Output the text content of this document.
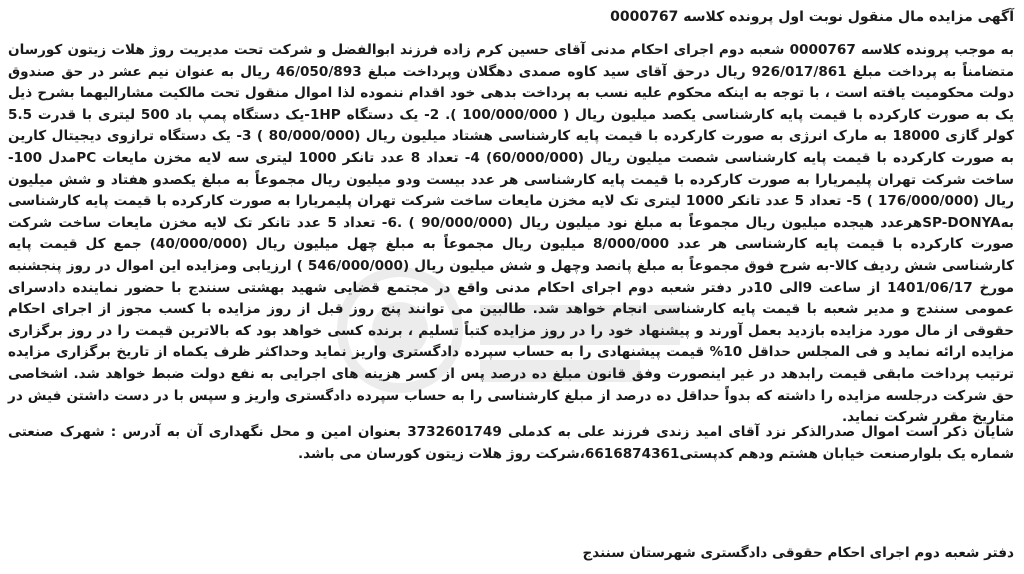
آگهی مزایده مال منقول نوبت اول پرونده کلاسه 0000767

به موجب پرونده کلاسه 0000767 شعبه دوم اجرای احکام مدنی آقای حسین کرم زاده فرزند ابوالفضل و شرکت تحت مدیریت روژ هلات زیتون کورسان متضامناً به پرداخت مبلغ 926/017/861 ریال درحق آقای سید کاوه صمدی دهگلان وپرداخت مبلغ 46/050/893 ریال به عنوان نیم عشر در حق صندوق دولت محکومیت یافته است ، با توجه به اینکه محکوم علیه نسب به پرداخت بدهی خود اقدام ننموده لذا اموال منقول تحت مالکیت مشارالیهما بشرح ذیل یک به صورت کارکرده با قیمت پایه کارشناسی یکصد میلیون ریال ( 100/000/000 ). 2- یک دستگاه 1HP-یک دستگاه پمپ باد 500 لیتری با قدرت 5.5 کولر گازی 18000 به مارک انرژی به صورت کارکرده با قیمت پایه کارشناسی هشتاد میلیون ریال (80/000/000 ) 3- یک دستگاه ترازوی دیجیتال کارین به صورت کارکرده با قیمت پایه کارشناسی شصت میلیون ریال (60/000/000) 4- تعداد 8 عدد تانکر 1000 لیتری سه لایه مخزن مایعات PCمدل 100-ساخت شرکت تهران پلیمریارا به صورت کارکرده با قیمت پایه کارشناسی هر عدد بیست ودو میلیون ریال مجموعاً به مبلغ یکصدو هفتاد و شش میلیون ریال (176/000/000 ) 5- تعداد 5 عدد تانکر 1000 لیتری تک لایه مخزن مایعات ساخت شرکت تهران پلیمریارا به صورت کارکرده با قیمت پایه کارشناسی بهSP-DONYAهرعدد هیجده میلیون ریال مجموعاً به مبلغ نود میلیون ریال (90/000/000 ) .6- تعداد 5 عدد تانکر تک لایه مخزن مایعات ساخت شرکت صورت کارکرده با قیمت پایه کارشناسی هر عدد 8/000/000 میلیون ریال مجموعاً به مبلغ چهل میلیون ریال (40/000/000) جمع کل قیمت پایه کارشناسی شش ردیف کالا-به شرح فوق مجموعاً به مبلغ پانصد وچهل و شش میلیون ریال (546/000/000 ) ارزیابی ومزایده این اموال در روز پنجشنبه مورخ 1401/06/17 از ساعت 9الی 10در دفتر شعبه دوم اجرای احکام مدنی واقع در مجتمع قضایی شهید بهشتی سنندج با حضور نماینده دادسرای عمومی سنندج و مدیر شعبه با قیمت پایه کارشناسی انجام خواهد شد. طالبین می توانند پنج روز قبل از روز مزایده با کسب مجوز از اجرای احکام حقوقی از مال مورد مزایده بازدید بعمل آورند و پیشنهاد خود را در روز مزایده کتباً تسلیم ، برنده کسی خواهد بود که بالاترین قیمت را در روز برگزاری مزایده ارائه نماید و فی المجلس حداقل 10% قیمت پیشنهادی را به حساب سپرده دادگستری واریز نماید وحداکثر ظرف یکماه از تاریخ برگزاری مزایده ترتیب پرداخت مابقی قیمت رابدهد در غیر اینصورت وفق قانون مبلغ ده درصد پس از کسر هزینه های اجرایی به نفع دولت ضبط خواهد شد. اشخاصی حق شرکت درجلسه مزایده را داشته که بدواً حداقل ده درصد از مبلغ کارشناسی را به حساب سپرده دادگستری واریز و سپس با در دست داشتن فیش در متاریخ مقرر شرکت نماید.

شایان ذکر است اموال صدرالذکر نزد آقای امید زندی فرزند علی به کدملی 3732601749 بعنوان امین و محل نگهداری آن به آدرس : شهرک صنعتی شماره یک بلوارصنعت خیابان هشتم ودهم کدپستی6616874361،شرکت روژ هلات زیتون کورسان می باشد.

دفتر شعبه دوم اجرای احکام حقوقی دادگستری شهرستان سنندج
